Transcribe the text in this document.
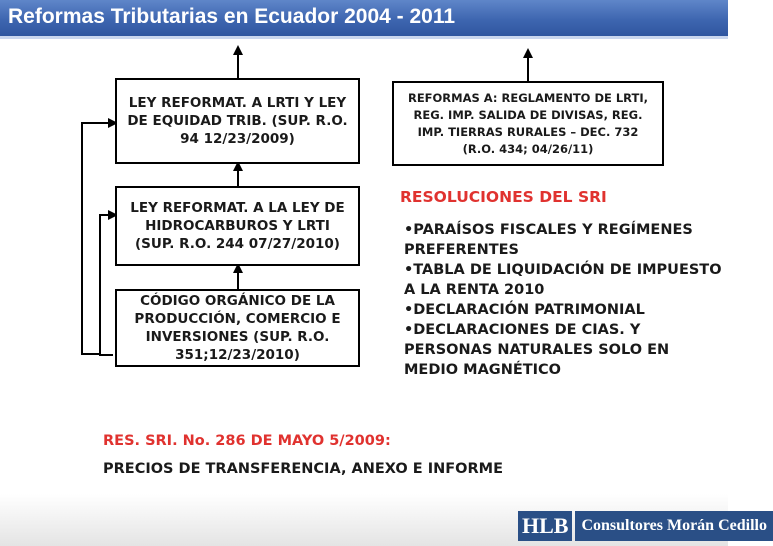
Reformas Tributarias en Ecuador 2004 - 2011
LEY REFORMAT. A LRTI Y LEY DE EQUIDAD TRIB. (SUP. R.O. 94 12/23/2009)
LEY REFORMAT. A LA LEY DE HIDROCARBUROS Y LRTI (SUP. R.O. 244 07/27/2010)
CÓDIGO ORGÁNICO DE LA PRODUCCIÓN, COMERCIO E INVERSIONES (SUP. R.O. 351;12/23/2010)
REFORMAS A: REGLAMENTO DE LRTI, REG. IMP. SALIDA DE DIVISAS, REG. IMP. TIERRAS RURALES – DEC. 732 (R.O. 434; 04/26/11)
RESOLUCIONES DEL SRI
•PARAÍSOS FISCALES Y REGÍMENES PREFERENTES
•TABLA DE LIQUIDACIÓN DE IMPUESTO A LA RENTA 2010
•DECLARACIÓN PATRIMONIAL
•DECLARACIONES DE CIAS. Y PERSONAS NATURALES SOLO EN MEDIO MAGNÉTICO
RES. SRI. No. 286 DE MAYO 5/2009:
PRECIOS DE TRANSFERENCIA, ANEXO E INFORME
HLB Consultores Morán Cedillo
